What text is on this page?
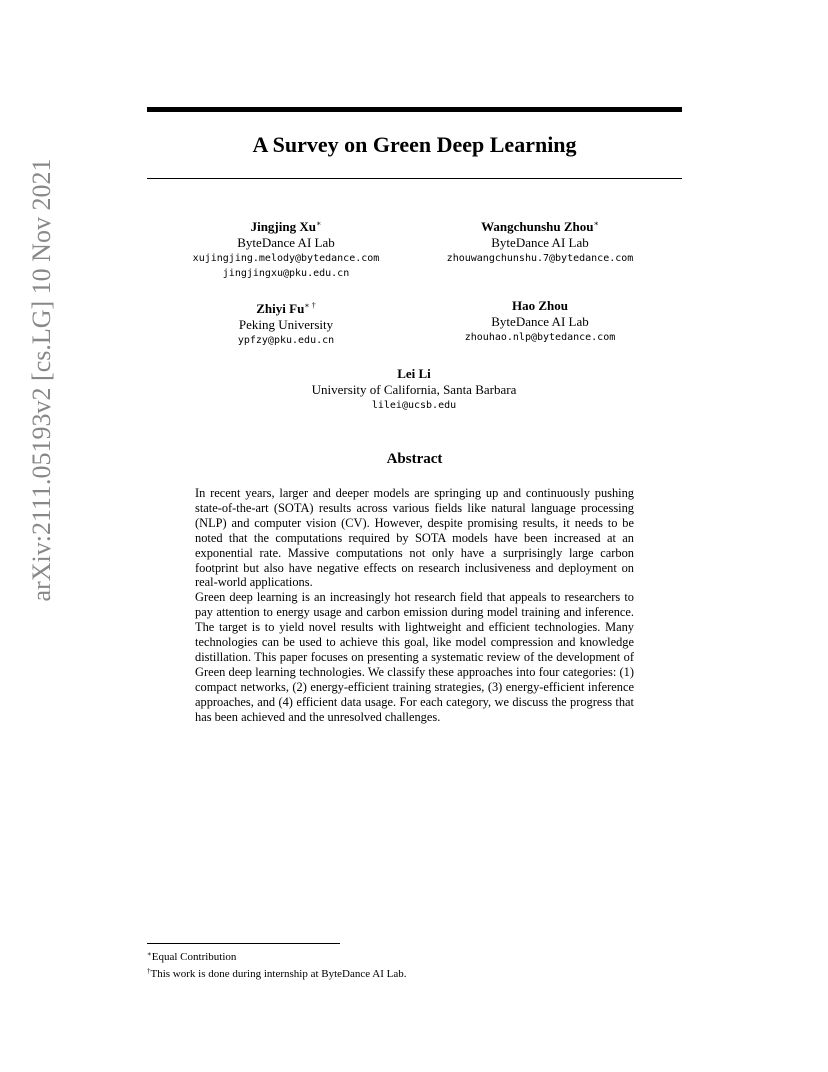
arXiv:2111.05193v2 [cs.LG] 10 Nov 2021
A Survey on Green Deep Learning
Jingjing Xu∗
ByteDance AI Lab
xujingjing.melody@bytedance.com
jingjingxu@pku.edu.cn
Wangchunshu Zhou∗
ByteDance AI Lab
zhouwangchunshu.7@bytedance.com
Zhiyi Fu∗ †
Peking University
ypfzy@pku.edu.cn
Hao Zhou
ByteDance AI Lab
zhouhao.nlp@bytedance.com
Lei Li
University of California, Santa Barbara
lilei@ucsb.edu
Abstract

In recent years, larger and deeper models are springing up and continuously pushing state-of-the-art (SOTA) results across various fields like natural language processing (NLP) and computer vision (CV). However, despite promising results, it needs to be noted that the computations required by SOTA models have been increased at an exponential rate. Massive computations not only have a surprisingly large carbon footprint but also have negative effects on research inclusiveness and deployment on real-world applications.

Green deep learning is an increasingly hot research field that appeals to researchers to pay attention to energy usage and carbon emission during model training and inference. The target is to yield novel results with lightweight and efficient technologies. Many technologies can be used to achieve this goal, like model compression and knowledge distillation. This paper focuses on presenting a systematic review of the development of Green deep learning technologies. We classify these approaches into four categories: (1) compact networks, (2) energy-efficient training strategies, (3) energy-efficient inference approaches, and (4) efficient data usage. For each category, we discuss the progress that has been achieved and the unresolved challenges.

∗Equal Contribution
†This work is done during internship at ByteDance AI Lab.
